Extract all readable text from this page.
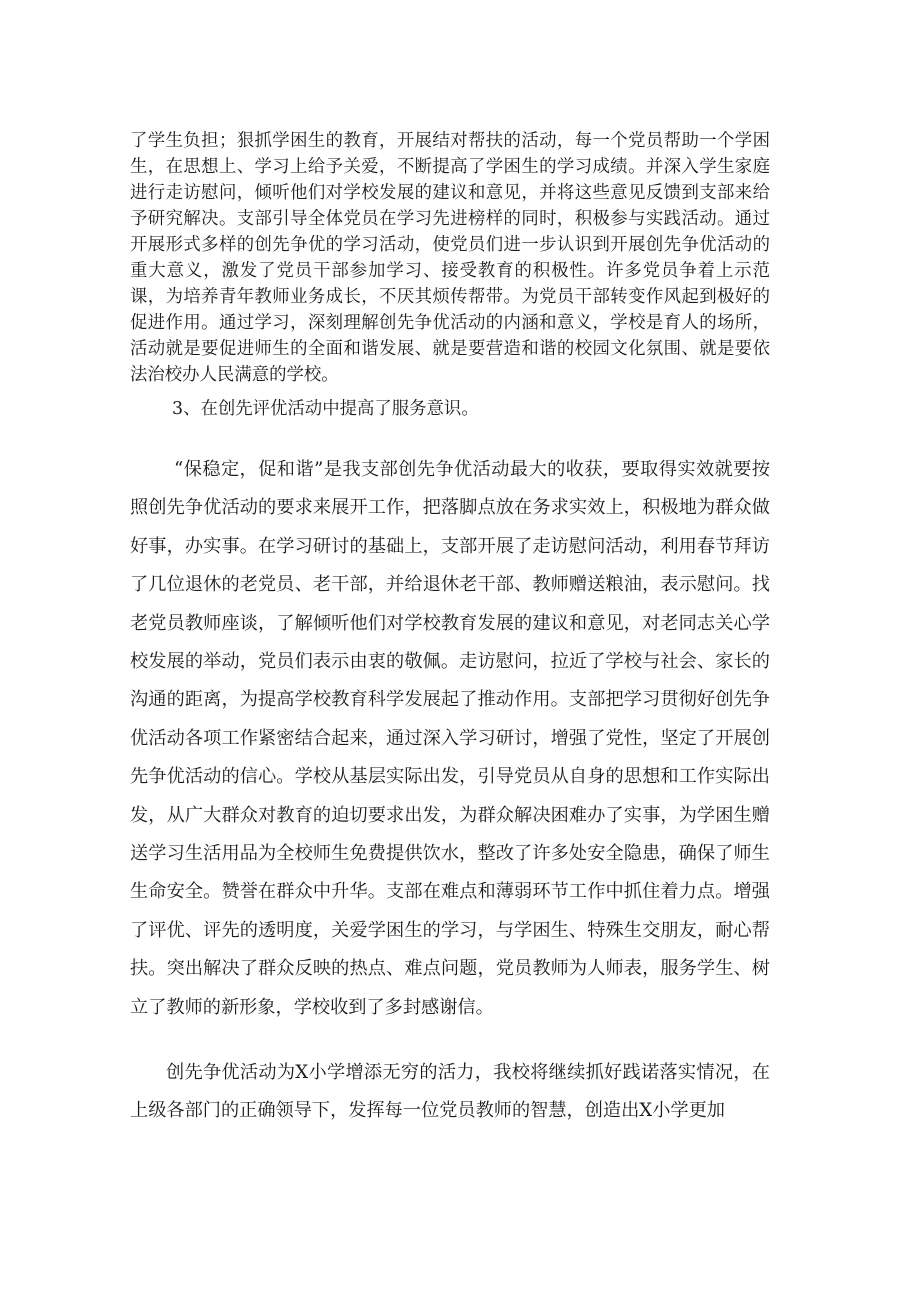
了学生负担；狠抓学困生的教育，开展结对帮扶的活动，每一个党员帮助一个学困生，在思想上、学习上给予关爱，不断提高了学困生的学习成绩。并深入学生家庭进行走访慰问，倾听他们对学校发展的建议和意见，并将这些意见反馈到支部来给予研究解决。支部引导全体党员在学习先进榜样的同时，积极参与实践活动。通过开展形式多样的创先争优的学习活动，使党员们进一步认识到开展创先争优活动的重大意义，激发了党员干部参加学习、接受教育的积极性。许多党员争着上示范课，为培养青年教师业务成长，不厌其烦传帮带。为党员干部转变作风起到极好的促进作用。通过学习，深刻理解创先争优活动的内涵和意义，学校是育人的场所，活动就是要促进师生的全面和谐发展、就是要营造和谐的校园文化氛围、就是要依法治校办人民满意的学校。

3、在创先评优活动中提高了服务意识。

“保稳定，促和谐”是我支部创先争优活动最大的收获，要取得实效就要按照创先争优活动的要求来展开工作，把落脚点放在务求实效上，积极地为群众做好事，办实事。在学习研讨的基础上，支部开展了走访慰问活动，利用春节拜访了几位退休的老党员、老干部，并给退休老干部、教师赠送粮油，表示慰问。找老党员教师座谈，了解倾听他们对学校教育发展的建议和意见，对老同志关心学校发展的举动，党员们表示由衷的敬佩。走访慰问，拉近了学校与社会、家长的沟通的距离，为提高学校教育科学发展起了推动作用。支部把学习贯彻好创先争优活动各项工作紧密结合起来，通过深入学习研讨，增强了党性，坚定了开展创先争优活动的信心。学校从基层实际出发，引导党员从自身的思想和工作实际出发，从广大群众对教育的迫切要求出发，为群众解决困难办了实事，为学困生赠送学习生活用品为全校师生免费提供饮水，整改了许多处安全隐患，确保了师生生命安全。赞誉在群众中升华。支部在难点和薄弱环节工作中抓住着力点。增强了评优、评先的透明度，关爱学困生的学习，与学困生、特殊生交朋友，耐心帮扶。突出解决了群众反映的热点、难点问题，党员教师为人师表，服务学生、树立了教师的新形象，学校收到了多封感谢信。

创先争优活动为X小学增添无穷的活力，我校将继续抓好践诺落实情况，在上级各部门的正确领导下，发挥每一位党员教师的智慧，创造出X小学更加
